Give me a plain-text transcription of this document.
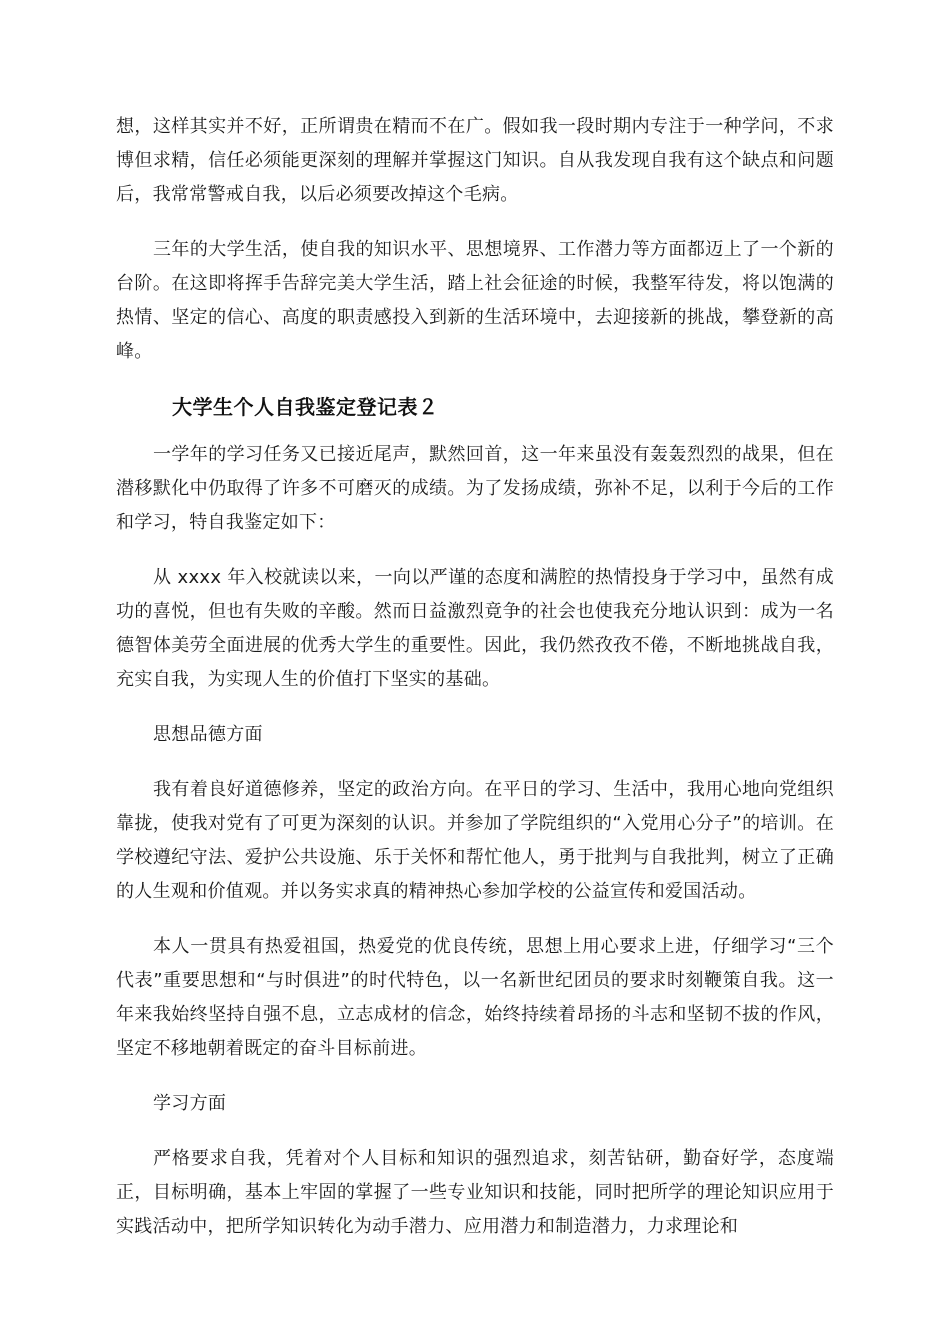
想，这样其实并不好，正所谓贵在精而不在广。假如我一段时期内专注于一种学问，不求博但求精，信任必须能更深刻的理解并掌握这门知识。自从我发现自我有这个缺点和问题后，我常常警戒自我，以后必须要改掉这个毛病。

三年的大学生活，使自我的知识水平、思想境界、工作潜力等方面都迈上了一个新的台阶。在这即将挥手告辞完美大学生活，踏上社会征途的时候，我整军待发，将以饱满的热情、坚定的信心、高度的职责感投入到新的生活环境中，去迎接新的挑战，攀登新的高峰。

大学生个人自我鉴定登记表２

一学年的学习任务又已接近尾声，默然回首，这一年来虽没有轰轰烈烈的战果，但在潜移默化中仍取得了许多不可磨灭的成绩。为了发扬成绩，弥补不足，以利于今后的工作和学习，特自我鉴定如下：

从 xxxx 年入校就读以来，一向以严谨的态度和满腔的热情投身于学习中，虽然有成功的喜悦，但也有失败的辛酸。然而日益激烈竟争的社会也使我充分地认识到：成为一名德智体美劳全面进展的优秀大学生的重要性。因此，我仍然孜孜不倦，不断地挑战自我，充实自我，为实现人生的价值打下坚实的基础。

思想品德方面

我有着良好道德修养，坚定的政治方向。在平日的学习、生活中，我用心地向党组织靠拢，使我对党有了可更为深刻的认识。并参加了学院组织的“入党用心分子”的培训。在学校遵纪守法、爱护公共设施、乐于关怀和帮忙他人，勇于批判与自我批判，树立了正确的人生观和价值观。并以务实求真的精神热心参加学校的公益宣传和爱国活动。

本人一贯具有热爱祖国，热爱党的优良传统，思想上用心要求上进，仔细学习“三个代表”重要思想和“与时俱进”的时代特色，以一名新世纪团员的要求时刻鞭策自我。这一年来我始终坚持自强不息，立志成材的信念，始终持续着昂扬的斗志和坚韧不拔的作风，坚定不移地朝着既定的奋斗目标前进。

学习方面

严格要求自我，凭着对个人目标和知识的强烈追求，刻苦钻研，勤奋好学，态度端正，目标明确，基本上牢固的掌握了一些专业知识和技能，同时把所学的理论知识应用于实践活动中，把所学知识转化为动手潜力、应用潜力和制造潜力，力求理论和
